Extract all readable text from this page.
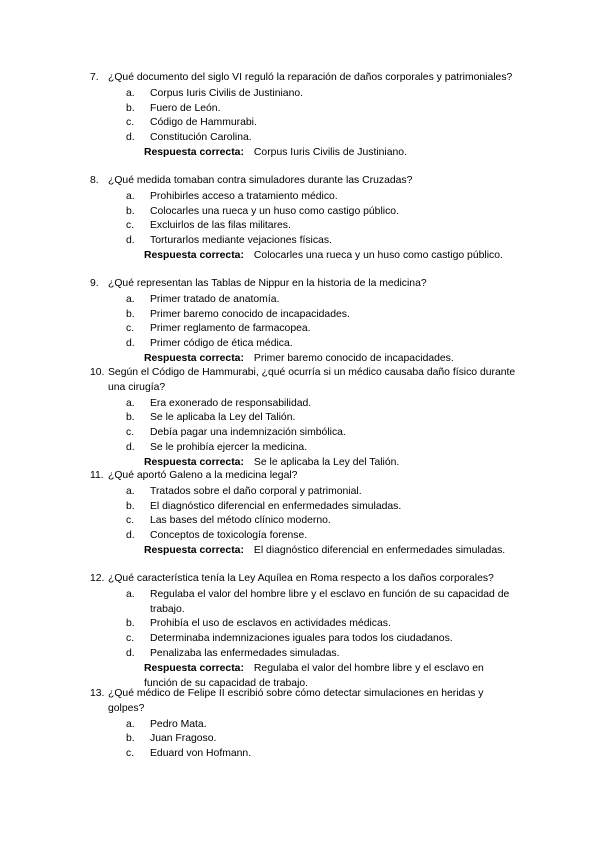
7. ¿Qué documento del siglo VI reguló la reparación de daños corporales y patrimoniales?
a. Corpus Iuris Civilis de Justiniano.
b. Fuero de León.
c. Código de Hammurabi.
d. Constitución Carolina.
Respuesta correcta: Corpus Iuris Civilis de Justiniano.
8. ¿Qué medida tomaban contra simuladores durante las Cruzadas?
a. Prohibirles acceso a tratamiento médico.
b. Colocarles una rueca y un huso como castigo público.
c. Excluirlos de las filas militares.
d. Torturarlos mediante vejaciones físicas.
Respuesta correcta: Colocarles una rueca y un huso como castigo público.
9. ¿Qué representan las Tablas de Nippur en la historia de la medicina?
a. Primer tratado de anatomía.
b. Primer baremo conocido de incapacidades.
c. Primer reglamento de farmacopea.
d. Primer código de ética médica.
Respuesta correcta: Primer baremo conocido de incapacidades.
10. Según el Código de Hammurabi, ¿qué ocurría si un médico causaba daño físico durante una cirugía?
a. Era exonerado de responsabilidad.
b. Se le aplicaba la Ley del Talión.
c. Debía pagar una indemnización simbólica.
d. Se le prohibía ejercer la medicina.
Respuesta correcta: Se le aplicaba la Ley del Talión.
11. ¿Qué aportó Galeno a la medicina legal?
a. Tratados sobre el daño corporal y patrimonial.
b. El diagnóstico diferencial en enfermedades simuladas.
c. Las bases del método clínico moderno.
d. Conceptos de toxicología forense.
Respuesta correcta: El diagnóstico diferencial en enfermedades simuladas.
12. ¿Qué característica tenía la Ley Aquílea en Roma respecto a los daños corporales?
a. Regulaba el valor del hombre libre y el esclavo en función de su capacidad de trabajo.
b. Prohibía el uso de esclavos en actividades médicas.
c. Determinaba indemnizaciones iguales para todos los ciudadanos.
d. Penalizaba las enfermedades simuladas.
Respuesta correcta: Regulaba el valor del hombre libre y el esclavo en función de su capacidad de trabajo.
13. ¿Qué médico de Felipe II escribió sobre cómo detectar simulaciones en heridas y golpes?
a. Pedro Mata.
b. Juan Fragoso.
c. Eduard von Hofmann.
